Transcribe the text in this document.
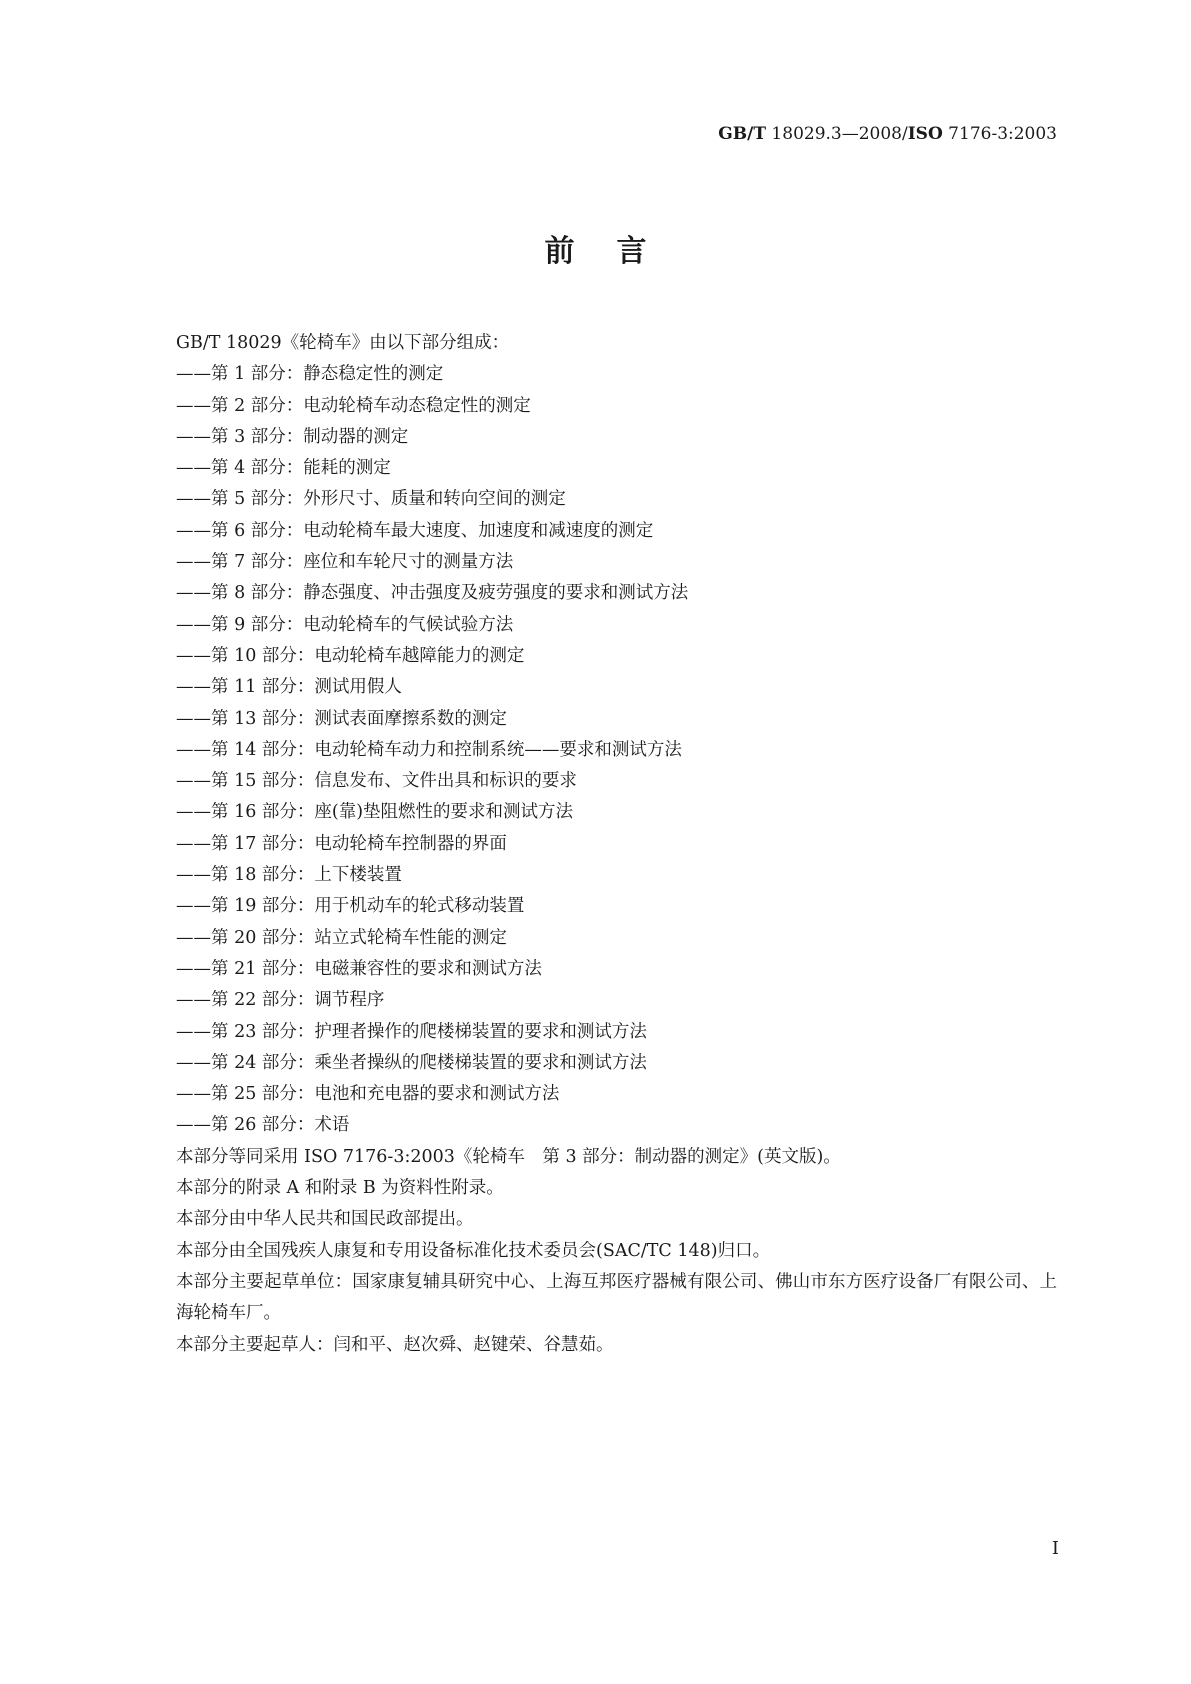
GB/T 18029.3—2008/ISO 7176-3:2003
前言
GB/T 18029《轮椅车》由以下部分组成：
——第 1 部分：静态稳定性的测定
——第 2 部分：电动轮椅车动态稳定性的测定
——第 3 部分：制动器的测定
——第 4 部分：能耗的测定
——第 5 部分：外形尺寸、质量和转向空间的测定
——第 6 部分：电动轮椅车最大速度、加速度和减速度的测定
——第 7 部分：座位和车轮尺寸的测量方法
——第 8 部分：静态强度、冲击强度及疲劳强度的要求和测试方法
——第 9 部分：电动轮椅车的气候试验方法
——第 10 部分：电动轮椅车越障能力的测定
——第 11 部分：测试用假人
——第 13 部分：测试表面摩擦系数的测定
——第 14 部分：电动轮椅车动力和控制系统——要求和测试方法
——第 15 部分：信息发布、文件出具和标识的要求
——第 16 部分：座(靠)垫阻燃性的要求和测试方法
——第 17 部分：电动轮椅车控制器的界面
——第 18 部分：上下楼装置
——第 19 部分：用于机动车的轮式移动装置
——第 20 部分：站立式轮椅车性能的测定
——第 21 部分：电磁兼容性的要求和测试方法
——第 22 部分：调节程序
——第 23 部分：护理者操作的爬楼梯装置的要求和测试方法
——第 24 部分：乘坐者操纵的爬楼梯装置的要求和测试方法
——第 25 部分：电池和充电器的要求和测试方法
——第 26 部分：术语
本部分等同采用 ISO 7176-3:2003《轮椅车　第 3 部分：制动器的测定》(英文版)。
本部分的附录 A 和附录 B 为资料性附录。
本部分由中华人民共和国民政部提出。
本部分由全国残疾人康复和专用设备标准化技术委员会(SAC/TC 148)归口。
本部分主要起草单位：国家康复辅具研究中心、上海互邦医疗器械有限公司、佛山市东方医疗设备厂有限公司、上海轮椅车厂。
本部分主要起草人：闫和平、赵次舜、赵键荣、谷慧茹。
I
